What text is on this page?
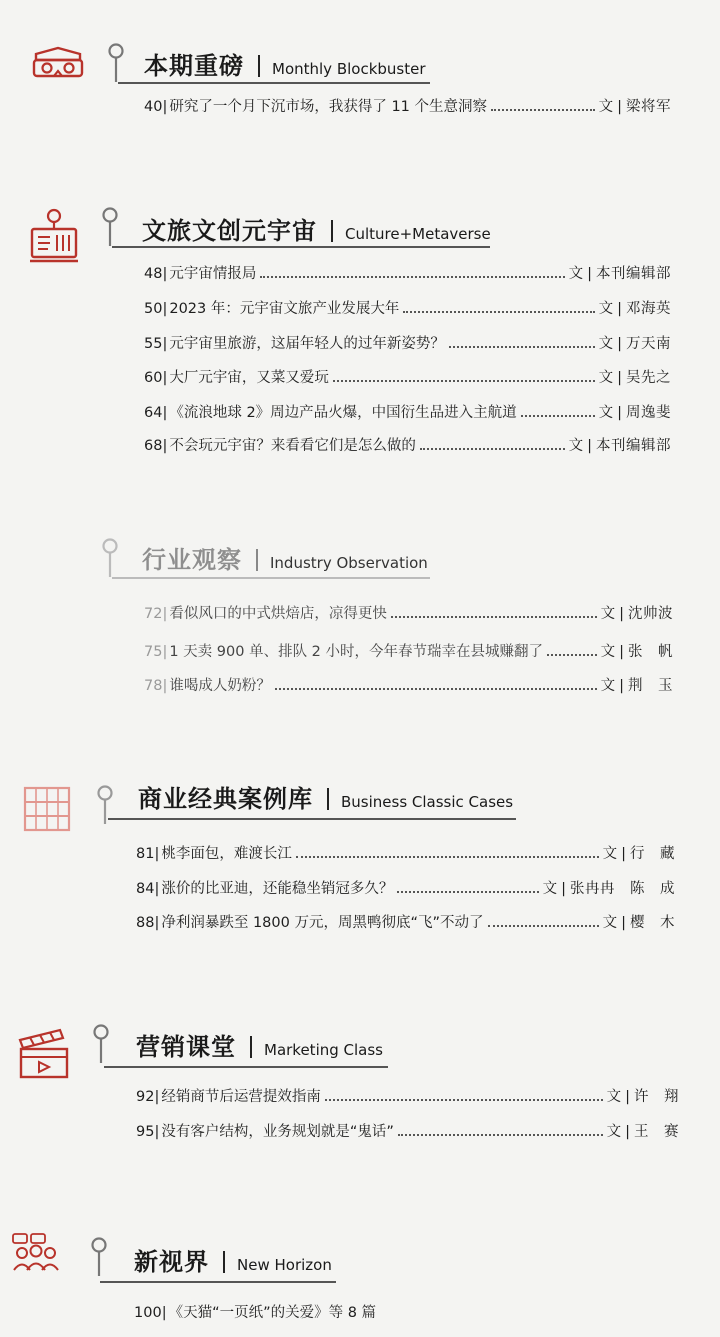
本期重磅 Monthly Blockbuster
40 | 研究了一个月下沉市场，我获得了 11 个生意洞察	文 | 梁将军
文旅文创元宇宙 Culture+Metaverse
48 | 元宇宙情报局	文 | 本刊编辑部
50 | 2023 年：元宇宙文旅产业发展大年	文 | 邓海英
55 | 元宇宙里旅游，这届年轻人的过年新姿势？	文 | 万天南
60 | 大厂元宇宙，又菜又爱玩	文 | 吴先之
64 | 《流浪地球 2》周边产品火爆，中国衍生品进入主航道	文 | 周逸斐
68 | 不会玩元宇宙？来看看它们是怎么做的	文 | 本刊编辑部
行业观察 Industry Observation
72 | 看似风口的中式烘焙店，凉得更快	文 | 沈帅波
75 | 1 天卖 900 单、排队 2 小时，今年春节瑞幸在县城赚翻了	文 | 张　帆
78 | 谁喝成人奶粉？	文 | 荆　玉
商业经典案例库 Business Classic Cases
81 | 桃李面包，难渡长江	文 | 行　藏
84 | 涨价的比亚迪，还能稳坐销冠多久？	文 | 张冉冉　陈　成
88 | 净利润暴跌至 1800 万元，周黑鸭彻底“飞”不动了	文 | 樱　木
营销课堂 Marketing Class
92 | 经销商节后运营提效指南	文 | 许　翔
95 | 没有客户结构，业务规划就是“鬼话”	文 | 王　赛
新视界 New Horizon
100 | 《天猫“一页纸”的关爱》等 8 篇
